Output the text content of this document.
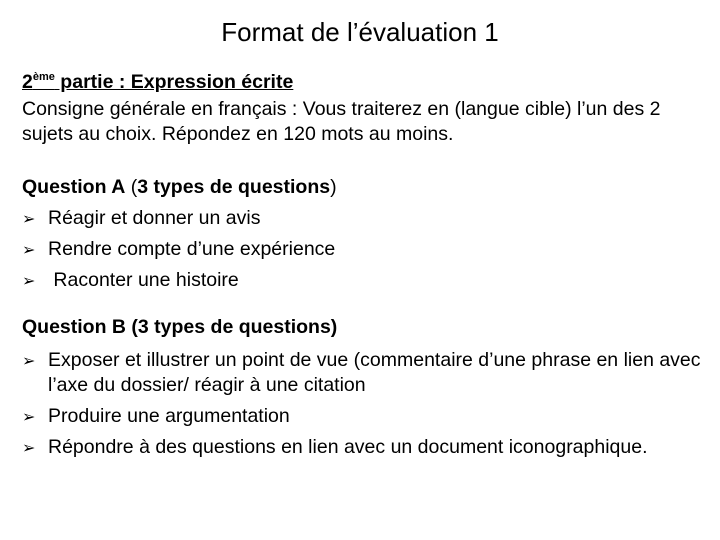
Format de l’évaluation 1
2ème partie : Expression écrite
Consigne générale en français : Vous traiterez en (langue cible) l’un des 2 sujets au choix. Répondez en 120 mots au moins.
Question A (3 types de questions)
➢ Réagir et donner un avis
➢ Rendre compte d’une expérience
➢ Raconter une histoire
Question B (3 types de questions)
➢ Exposer et illustrer un point de vue (commentaire d’une phrase en lien avec l’axe du dossier/ réagir à une citation
➢ Produire une argumentation
➢ Répondre à des questions en lien avec un document iconographique.
